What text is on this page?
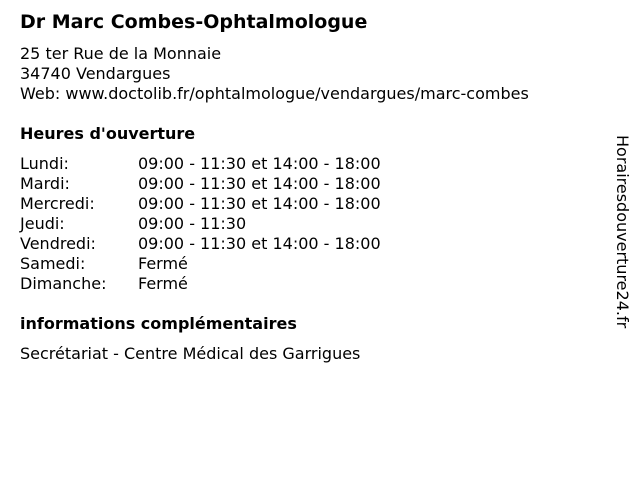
Dr Marc Combes-Ophtalmologue
25 ter Rue de la Monnaie
34740 Vendargues
Web: www.doctolib.fr/ophtalmologue/vendargues/marc-combes
Heures d'ouverture
Lundi:	09:00 - 11:30 et 14:00 - 18:00
Mardi:	09:00 - 11:30 et 14:00 - 18:00
Mercredi:	09:00 - 11:30 et 14:00 - 18:00
Jeudi:	09:00 - 11:30
Vendredi:	09:00 - 11:30 et 14:00 - 18:00
Samedi:	Fermé
Dimanche: Fermé
informations complémentaires
Secrétariat - Centre Médical des Garrigues
Horairesdouverture24.fr
